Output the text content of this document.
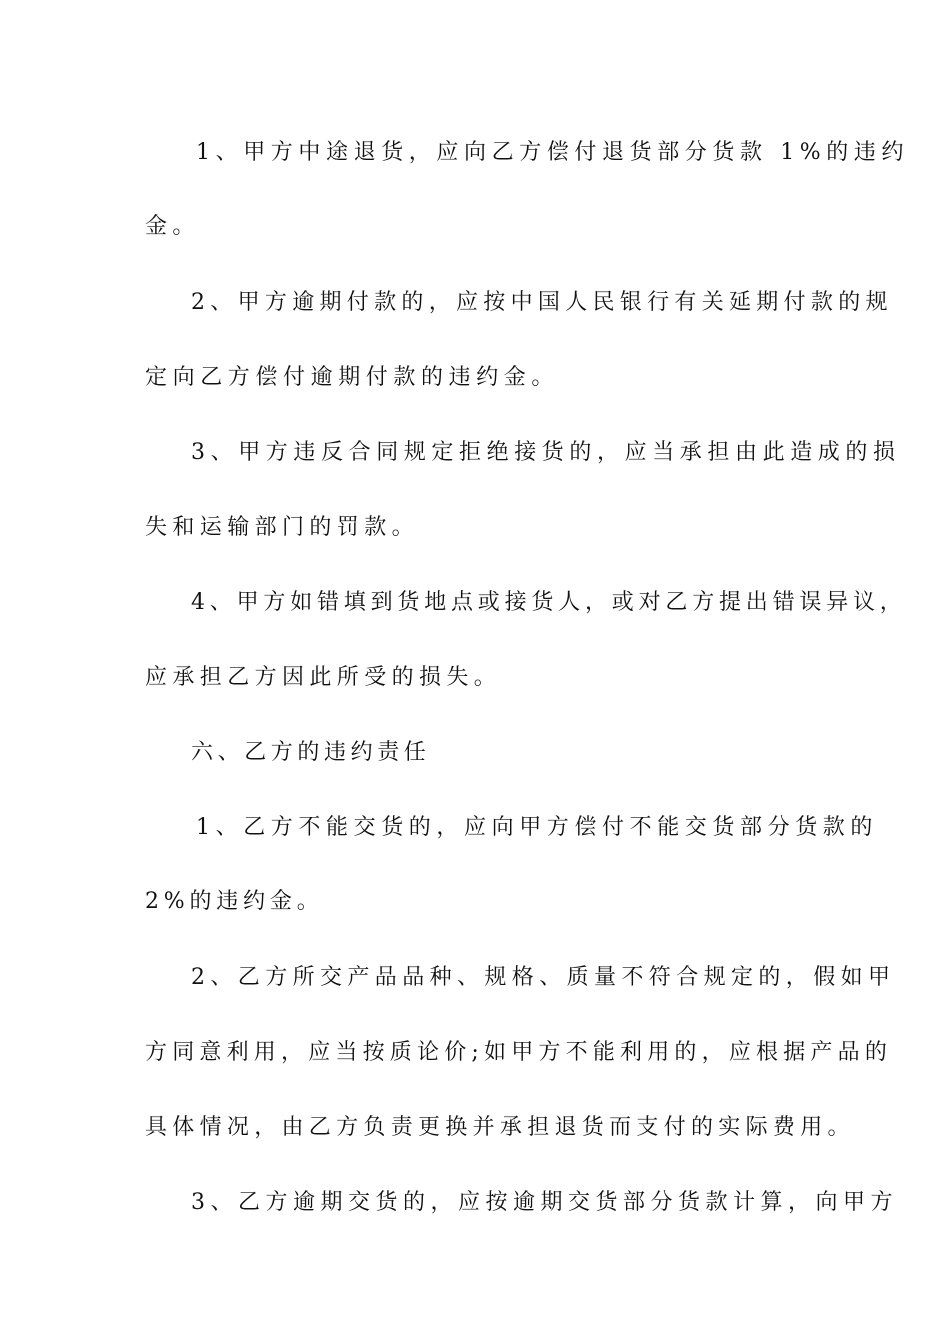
1、甲方中途退货，应向乙方偿付退货部分货款 1%的违约
金。
2、甲方逾期付款的，应按中国人民银行有关延期付款的规
定向乙方偿付逾期付款的违约金。
3、甲方违反合同规定拒绝接货的，应当承担由此造成的损
失和运输部门的罚款。
4、甲方如错填到货地点或接货人，或对乙方提出错误异议，
应承担乙方因此所受的损失。
六、乙方的违约责任
1、乙方不能交货的，应向甲方偿付不能交货部分货款的
2%的违约金。
2、乙方所交产品品种、规格、质量不符合规定的，假如甲
方同意利用，应当按质论价;如甲方不能利用的，应根据产品的
具体情况，由乙方负责更换并承担退货而支付的实际费用。
3、乙方逾期交货的，应按逾期交货部分货款计算，向甲方
